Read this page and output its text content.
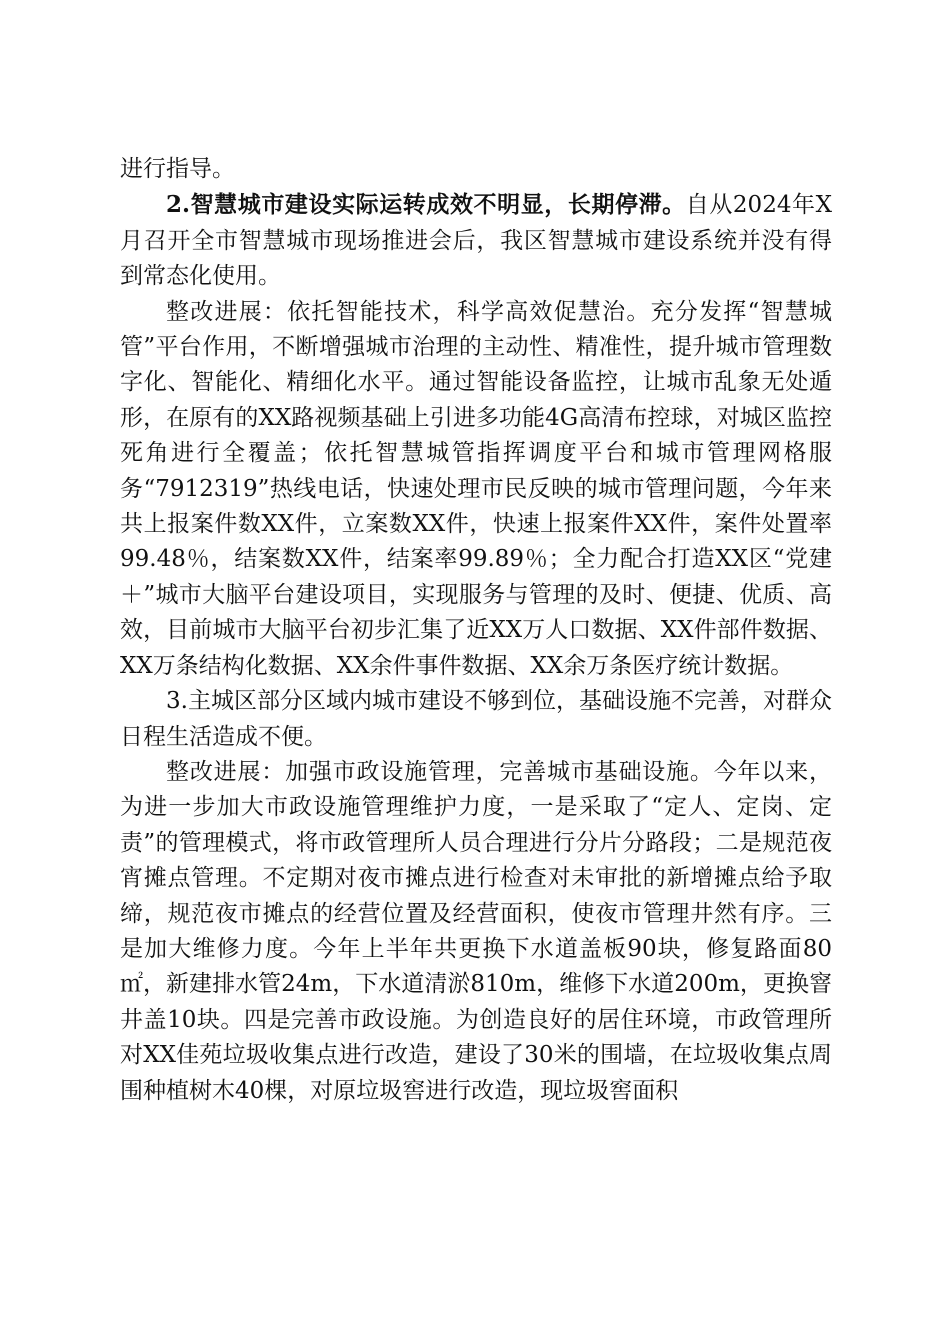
进行指导。

2.智慧城市建设实际运转成效不明显，长期停滞。自从2024年X月召开全市智慧城市现场推进会后，我区智慧城市建设系统并没有得到常态化使用。

整改进展：依托智能技术，科学高效促慧治。充分发挥“智慧城管”平台作用，不断增强城市治理的主动性、精准性，提升城市管理数字化、智能化、精细化水平。通过智能设备监控，让城市乱象无处遁形，在原有的XX路视频基础上引进多功能4G高清布控球，对城区监控死角进行全覆盖；依托智慧城管指挥调度平台和城市管理网格服务“7912319”热线电话，快速处理市民反映的城市管理问题，今年来共上报案件数XX件，立案数XX件，快速上报案件XX件，案件处置率99.48％，结案数XX件，结案率99.89％；全力配合打造XX区“党建＋”城市大脑平台建设项目，实现服务与管理的及时、便捷、优质、高效，目前城市大脑平台初步汇集了近XX万人口数据、XX件部件数据、XX万条结构化数据、XX余件事件数据、XX余万条医疗统计数据。

3.主城区部分区域内城市建设不够到位，基础设施不完善，对群众日程生活造成不便。

整改进展：加强市政设施管理，完善城市基础设施。今年以来，为进一步加大市政设施管理维护力度，一是采取了“定人、定岗、定责”的管理模式，将市政管理所人员合理进行分片分路段；二是规范夜宵摊点管理。不定期对夜市摊点进行检查对未审批的新增摊点给予取缔，规范夜市摊点的经营位置及经营面积，使夜市管理井然有序。三是加大维修力度。今年上半年共更换下水道盖板90块，修复路面80㎡，新建排水管24m，下水道清淤810m，维修下水道200m，更换窨井盖10块。四是完善市政设施。为创造良好的居住环境，市政管理所对XX佳苑垃圾收集点进行改造，建设了30米的围墙，在垃圾收集点周围种植树木40棵，对原垃圾窖进行改造，现垃圾窖面积
